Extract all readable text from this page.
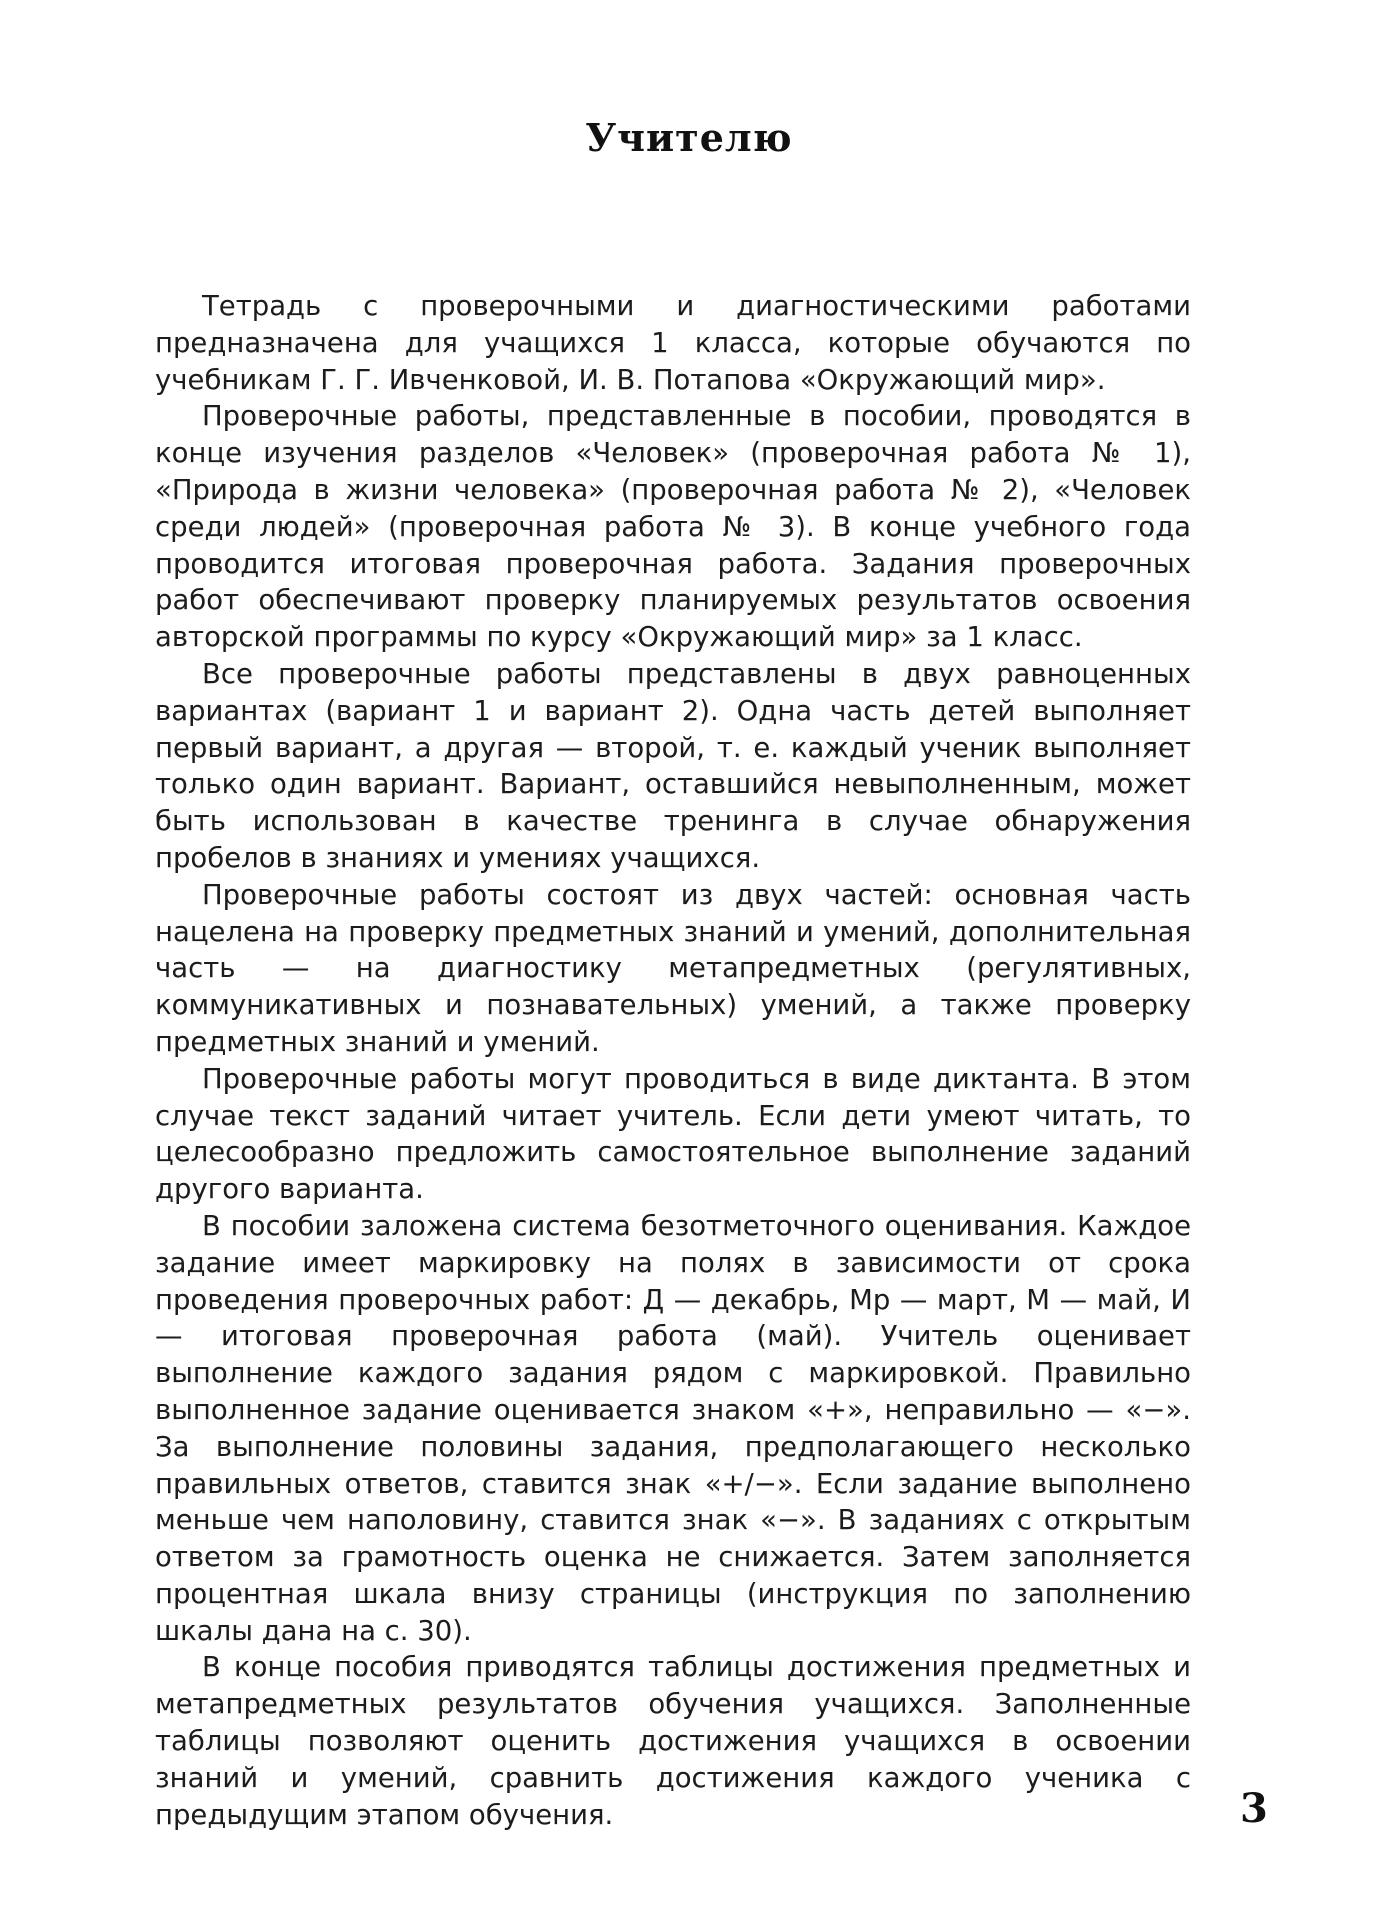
Учителю

Тетрадь с проверочными и диагностическими работами предназначена для учащихся 1 класса, которые обучаются по учебникам Г. Г. Ивченковой, И. В. Потапова «Окружающий мир».

Проверочные работы, представленные в пособии, проводятся в конце изучения разделов «Человек» (проверочная работа № 1), «Природа в жизни человека» (проверочная работа № 2), «Человек среди людей» (проверочная работа № 3). В конце учебного года проводится итоговая проверочная работа. Задания проверочных работ обеспечивают проверку планируемых результатов освоения авторской программы по курсу «Окружающий мир» за 1 класс.

Все проверочные работы представлены в двух равноценных вариантах (вариант 1 и вариант 2). Одна часть детей выполняет первый вариант, а другая — второй, т. е. каждый ученик выполняет только один вариант. Вариант, оставшийся невыполненным, может быть использован в качестве тренинга в случае обнаружения пробелов в знаниях и умениях учащихся.

Проверочные работы состоят из двух частей: основная часть нацелена на проверку предметных знаний и умений, дополнительная часть — на диагностику метапредметных (регулятивных, коммуникативных и познавательных) умений, а также проверку предметных знаний и умений.

Проверочные работы могут проводиться в виде диктанта. В этом случае текст заданий читает учитель. Если дети умеют читать, то целесообразно предложить самостоятельное выполнение заданий другого варианта.

В пособии заложена система безотметочного оценивания. Каждое задание имеет маркировку на полях в зависимости от срока проведения проверочных работ: Д — декабрь, Мр — март, М — май, И — итоговая проверочная работа (май). Учитель оценивает выполнение каждого задания рядом с маркировкой. Правильно выполненное задание оценивается знаком «+», неправильно — «−». За выполнение половины задания, предполагающего несколько правильных ответов, ставится знак «+/−». Если задание выполнено меньше чем наполовину, ставится знак «−». В заданиях с открытым ответом за грамотность оценка не снижается. Затем заполняется процентная шкала внизу страницы (инструкция по заполнению шкалы дана на с. 30).

В конце пособия приводятся таблицы достижения предметных и метапредметных результатов обучения учащихся. Заполненные таблицы позволяют оценить достижения учащихся в освоении знаний и умений, сравнить достижения каждого ученика с предыдущим этапом обучения.	3
